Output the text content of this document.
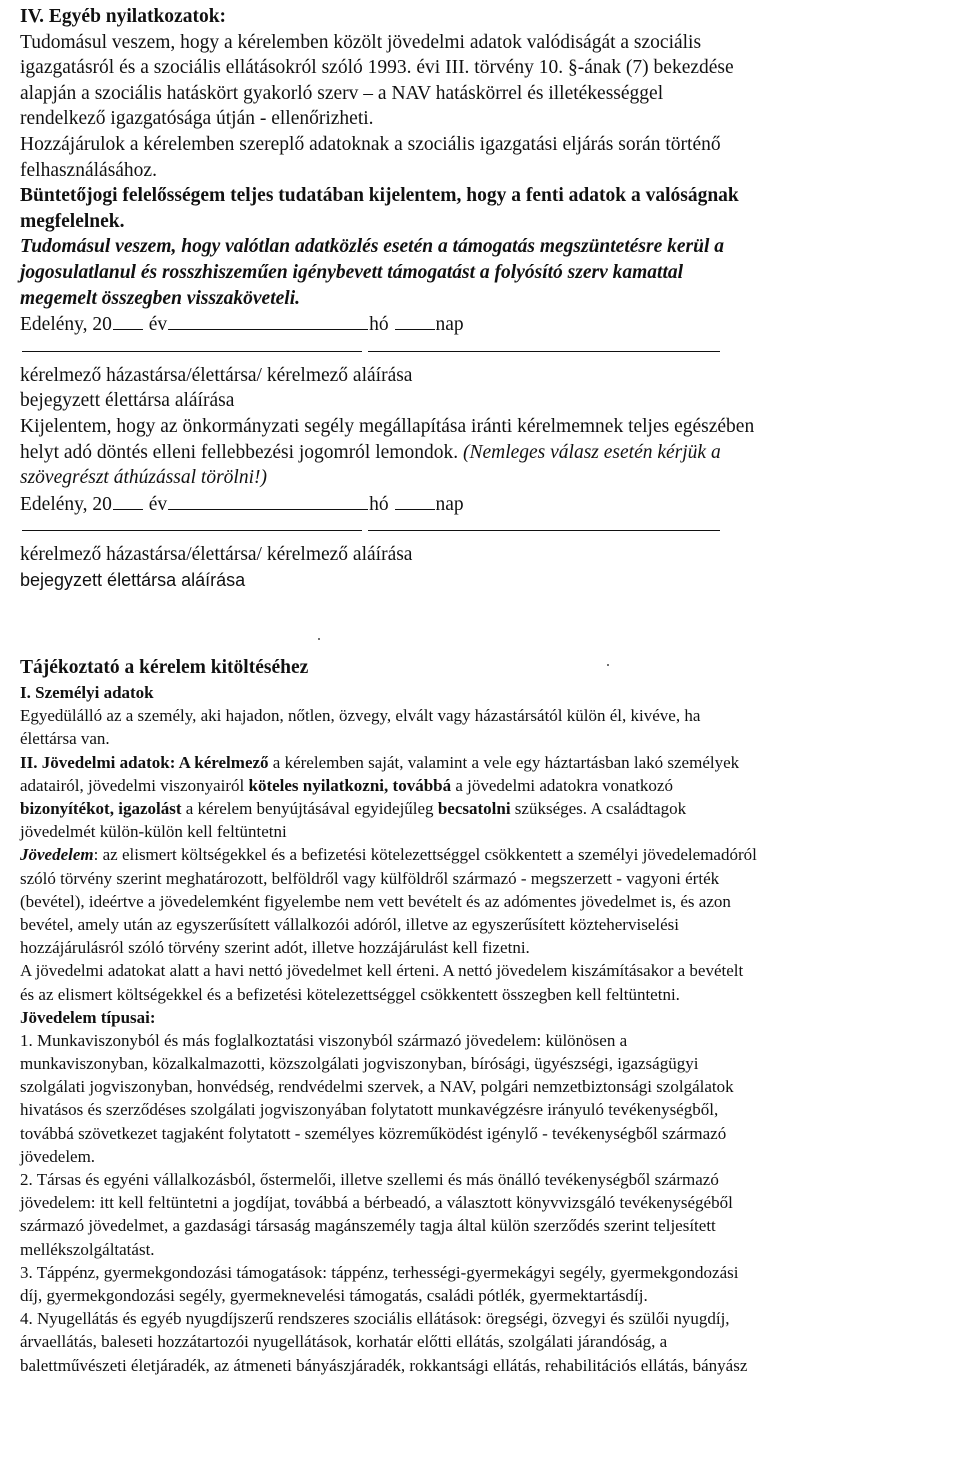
IV. Egyéb nyilatkozatok:
Tudomásul veszem, hogy a kérelemben közölt jövedelmi adatok valódiságát a szociális
igazgatásról és a szociális ellátásokról szóló 1993. évi III. törvény 10. §-ának (7) bekezdése
alapján a szociális hatáskört gyakorló szerv – a NAV hatáskörrel és illetékességgel
rendelkező igazgatósága útján - ellenőrizheti.
Hozzájárulok a kérelemben szereplő adatoknak a szociális igazgatási eljárás során történő
felhasználásához.
Büntetőjogi felelősségem teljes tudatában kijelentem, hogy a fenti adatok a valóságnak
megfelelnek.
Tudomásul veszem, hogy valótlan adatközlés esetén a támogatás megszüntetésre kerül a
jogosulatlanul és rosszhiszeműen igénybevett támogatást a folyósító szerv kamattal
megemelt összegben visszaköveteli.
Edelény, 20 év	hó nap
kérelmező házastársa/élettársa/ kérelmező aláírása
bejegyzett élettársa aláírása
Kijelentem, hogy az önkormányzati segély megállapítása iránti kérelmemnek teljes egészében
helyt adó döntés elleni fellebbezési jogomról lemondok. (Nemleges válasz esetén kérjük a
szövegrészt áthúzással törölni!)
Edelény, 20 év	hó nap
kérelmező házastársa/élettársa/ kérelmező aláírása
bejegyzett élettársa aláírása
Tájékoztató a kérelem kitöltéséhez
I. Személyi adatok
Egyedülálló az a személy, aki hajadon, nőtlen, özvegy, elvált vagy házastársától külön él, kivéve, ha
élettársa van.
II. Jövedelmi adatok: A kérelmező a kérelemben saját, valamint a vele egy háztartásban lakó személyek
adatairól, jövedelmi viszonyairól köteles nyilatkozni, továbbá a jövedelmi adatokra vonatkozó
bizonyítékot, igazolást a kérelem benyújtásával egyidejűleg becsatolni szükséges. A családtagok
jövedelmét külön-külön kell feltüntetni
Jövedelem: az elismert költségekkel és a befizetési kötelezettséggel csökkentett a személyi jövedelemadóról
szóló törvény szerint meghatározott, belföldről vagy külföldről származó - megszerzett - vagyoni érték
(bevétel), ideértve a jövedelemként figyelembe nem vett bevételt és az adómentes jövedelmet is, és azon
bevétel, amely után az egyszerűsített vállalkozói adóról, illetve az egyszerűsített közteherviselési
hozzájárulásról szóló törvény szerint adót, illetve hozzájárulást kell fizetni.
A jövedelmi adatokat alatt a havi nettó jövedelmet kell érteni. A nettó jövedelem kiszámításakor a bevételt
és az elismert költségekkel és a befizetési kötelezettséggel csökkentett összegben kell feltüntetni.
Jövedelem típusai:
1. Munkaviszonyból és más foglalkoztatási viszonyból származó jövedelem: különösen a
munkaviszonyban, közalkalmazotti, közszolgálati jogviszonyban, bírósági, ügyészségi, igazságügyi
szolgálati jogviszonyban, honvédség, rendvédelmi szervek, a NAV, polgári nemzetbiztonsági szolgálatok
hivatásos és szerződéses szolgálati jogviszonyában folytatott munkavégzésre irányuló tevékenységből,
továbbá szövetkezet tagjaként folytatott - személyes közreműködést igénylő - tevékenységből származó
jövedelem.
2. Társas és egyéni vállalkozásból, őstermelői, illetve szellemi és más önálló tevékenységből származó
jövedelem: itt kell feltüntetni a jogdíjat, továbbá a bérbeadó, a választott könyvvizsgáló tevékenységéből
származó jövedelmet, a gazdasági társaság magánszemély tagja által külön szerződés szerint teljesített
mellékszolgáltatást.
3. Táppénz, gyermekgondozási támogatások: táppénz, terhességi-gyermekágyi segély, gyermekgondozási
díj, gyermekgondozási segély, gyermeknevelési támogatás, családi pótlék, gyermektartásdíj.
4. Nyugellátás és egyéb nyugdíjszerű rendszeres szociális ellátások: öregségi, özvegyi és szülői nyugdíj,
árvaellátás, baleseti hozzátartozói nyugellátások, korhatár előtti ellátás, szolgálati járandóság, a
balettművészeti életjáradék, az átmeneti bányászjáradék, rokkantsági ellátás, rehabilitációs ellátás, bányász
